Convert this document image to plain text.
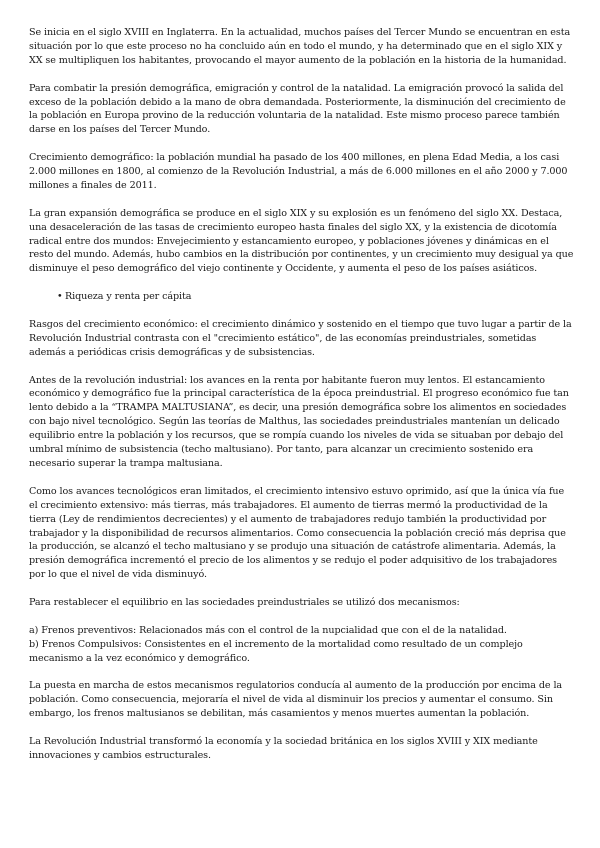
Se inicia en el siglo XVIII en Inglaterra. En la actualidad, muchos países del Tercer Mundo se encuentran en esta situación por lo que este proceso no ha concluido aún en todo el mundo, y ha determinado que en el siglo XIX y XX se multipliquen los habitantes, provocando el mayor aumento de la población en la historia de la humanidad.

Para combatir la presión demográfica, emigración y control de la natalidad. La emigración provocó la salida del exceso de la población debido a la mano de obra demandada. Posteriormente, la disminución del crecimiento de la población en Europa provino de la reducción voluntaria de la natalidad. Este mismo proceso parece también darse en los países del Tercer Mundo.

Crecimiento demográfico: la población mundial ha pasado de los 400 millones, en plena Edad Media, a los casi 2.000 millones en 1800, al comienzo de la Revolución Industrial, a más de 6.000 millones en el año 2000 y 7.000 millones a finales de 2011.

La gran expansión demográfica se produce en el siglo XIX y su explosión es un fenómeno del siglo XX. Destaca, una desaceleración de las tasas de crecimiento europeo hasta finales del siglo XX, y la existencia de dicotomía radical entre dos mundos: Envejecimiento y estancamiento europeo, y poblaciones jóvenes y dinámicas en el resto del mundo. Además, hubo cambios en la distribución por continentes, y un crecimiento muy desigual ya que disminuye el peso demográfico del viejo continente y Occidente, y aumenta el peso de los países asiáticos.

• Riqueza y renta per cápita

Rasgos del crecimiento económico: el crecimiento dinámico y sostenido en el tiempo que tuvo lugar a partir de la Revolución Industrial contrasta con el "crecimiento estático", de las economías preindustriales, sometidas además a periódicas crisis demográficas y de subsistencias.

Antes de la revolución industrial: los avances en la renta por habitante fueron muy lentos. El estancamiento económico y demográfico fue la principal característica de la época preindustrial. El progreso económico fue tan lento debido a la “TRAMPA MALTUSIANA”, es decir, una presión demográfica sobre los alimentos en sociedades con bajo nivel tecnológico. Según las teorías de Malthus, las sociedades preindustriales mantenían un delicado equilibrio entre la población y los recursos, que se rompía cuando los niveles de vida se situaban por debajo del umbral mínimo de subsistencia (techo maltusiano). Por tanto, para alcanzar un crecimiento sostenido era necesario superar la trampa maltusiana.

Como los avances tecnológicos eran limitados, el crecimiento intensivo estuvo oprimido, así que la única vía fue el crecimiento extensivo: más tierras, más trabajadores. El aumento de tierras mermó la productividad de la tierra (Ley de rendimientos decrecientes) y el aumento de trabajadores redujo también la productividad por trabajador y la disponibilidad de recursos alimentarios. Como consecuencia la población creció más deprisa que la producción, se alcanzó el techo maltusiano y se produjo una situación de catástrofe alimentaria. Además, la presión demográfica incrementó el precio de los alimentos y se redujo el poder adquisitivo de los trabajadores por lo que el nivel de vida disminuyó.

Para restablecer el equilibrio en las sociedades preindustriales se utilizó dos mecanismos:

a) Frenos preventivos: Relacionados más con el control de la nupcialidad que con el de la natalidad.

b) Frenos Compulsivos: Consistentes en el incremento de la mortalidad como resultado de un complejo mecanismo a la vez económico y demográfico.

La puesta en marcha de estos mecanismos regulatorios conducía al aumento de la producción por encima de la población. Como consecuencia, mejoraría el nivel de vida al disminuir los precios y aumentar el consumo. Sin embargo, los frenos maltusianos se debilitan, más casamientos y menos muertes aumentan la población.

La Revolución Industrial transformó la economía y la sociedad británica en los siglos XVIII y XIX mediante innovaciones y cambios estructurales.
